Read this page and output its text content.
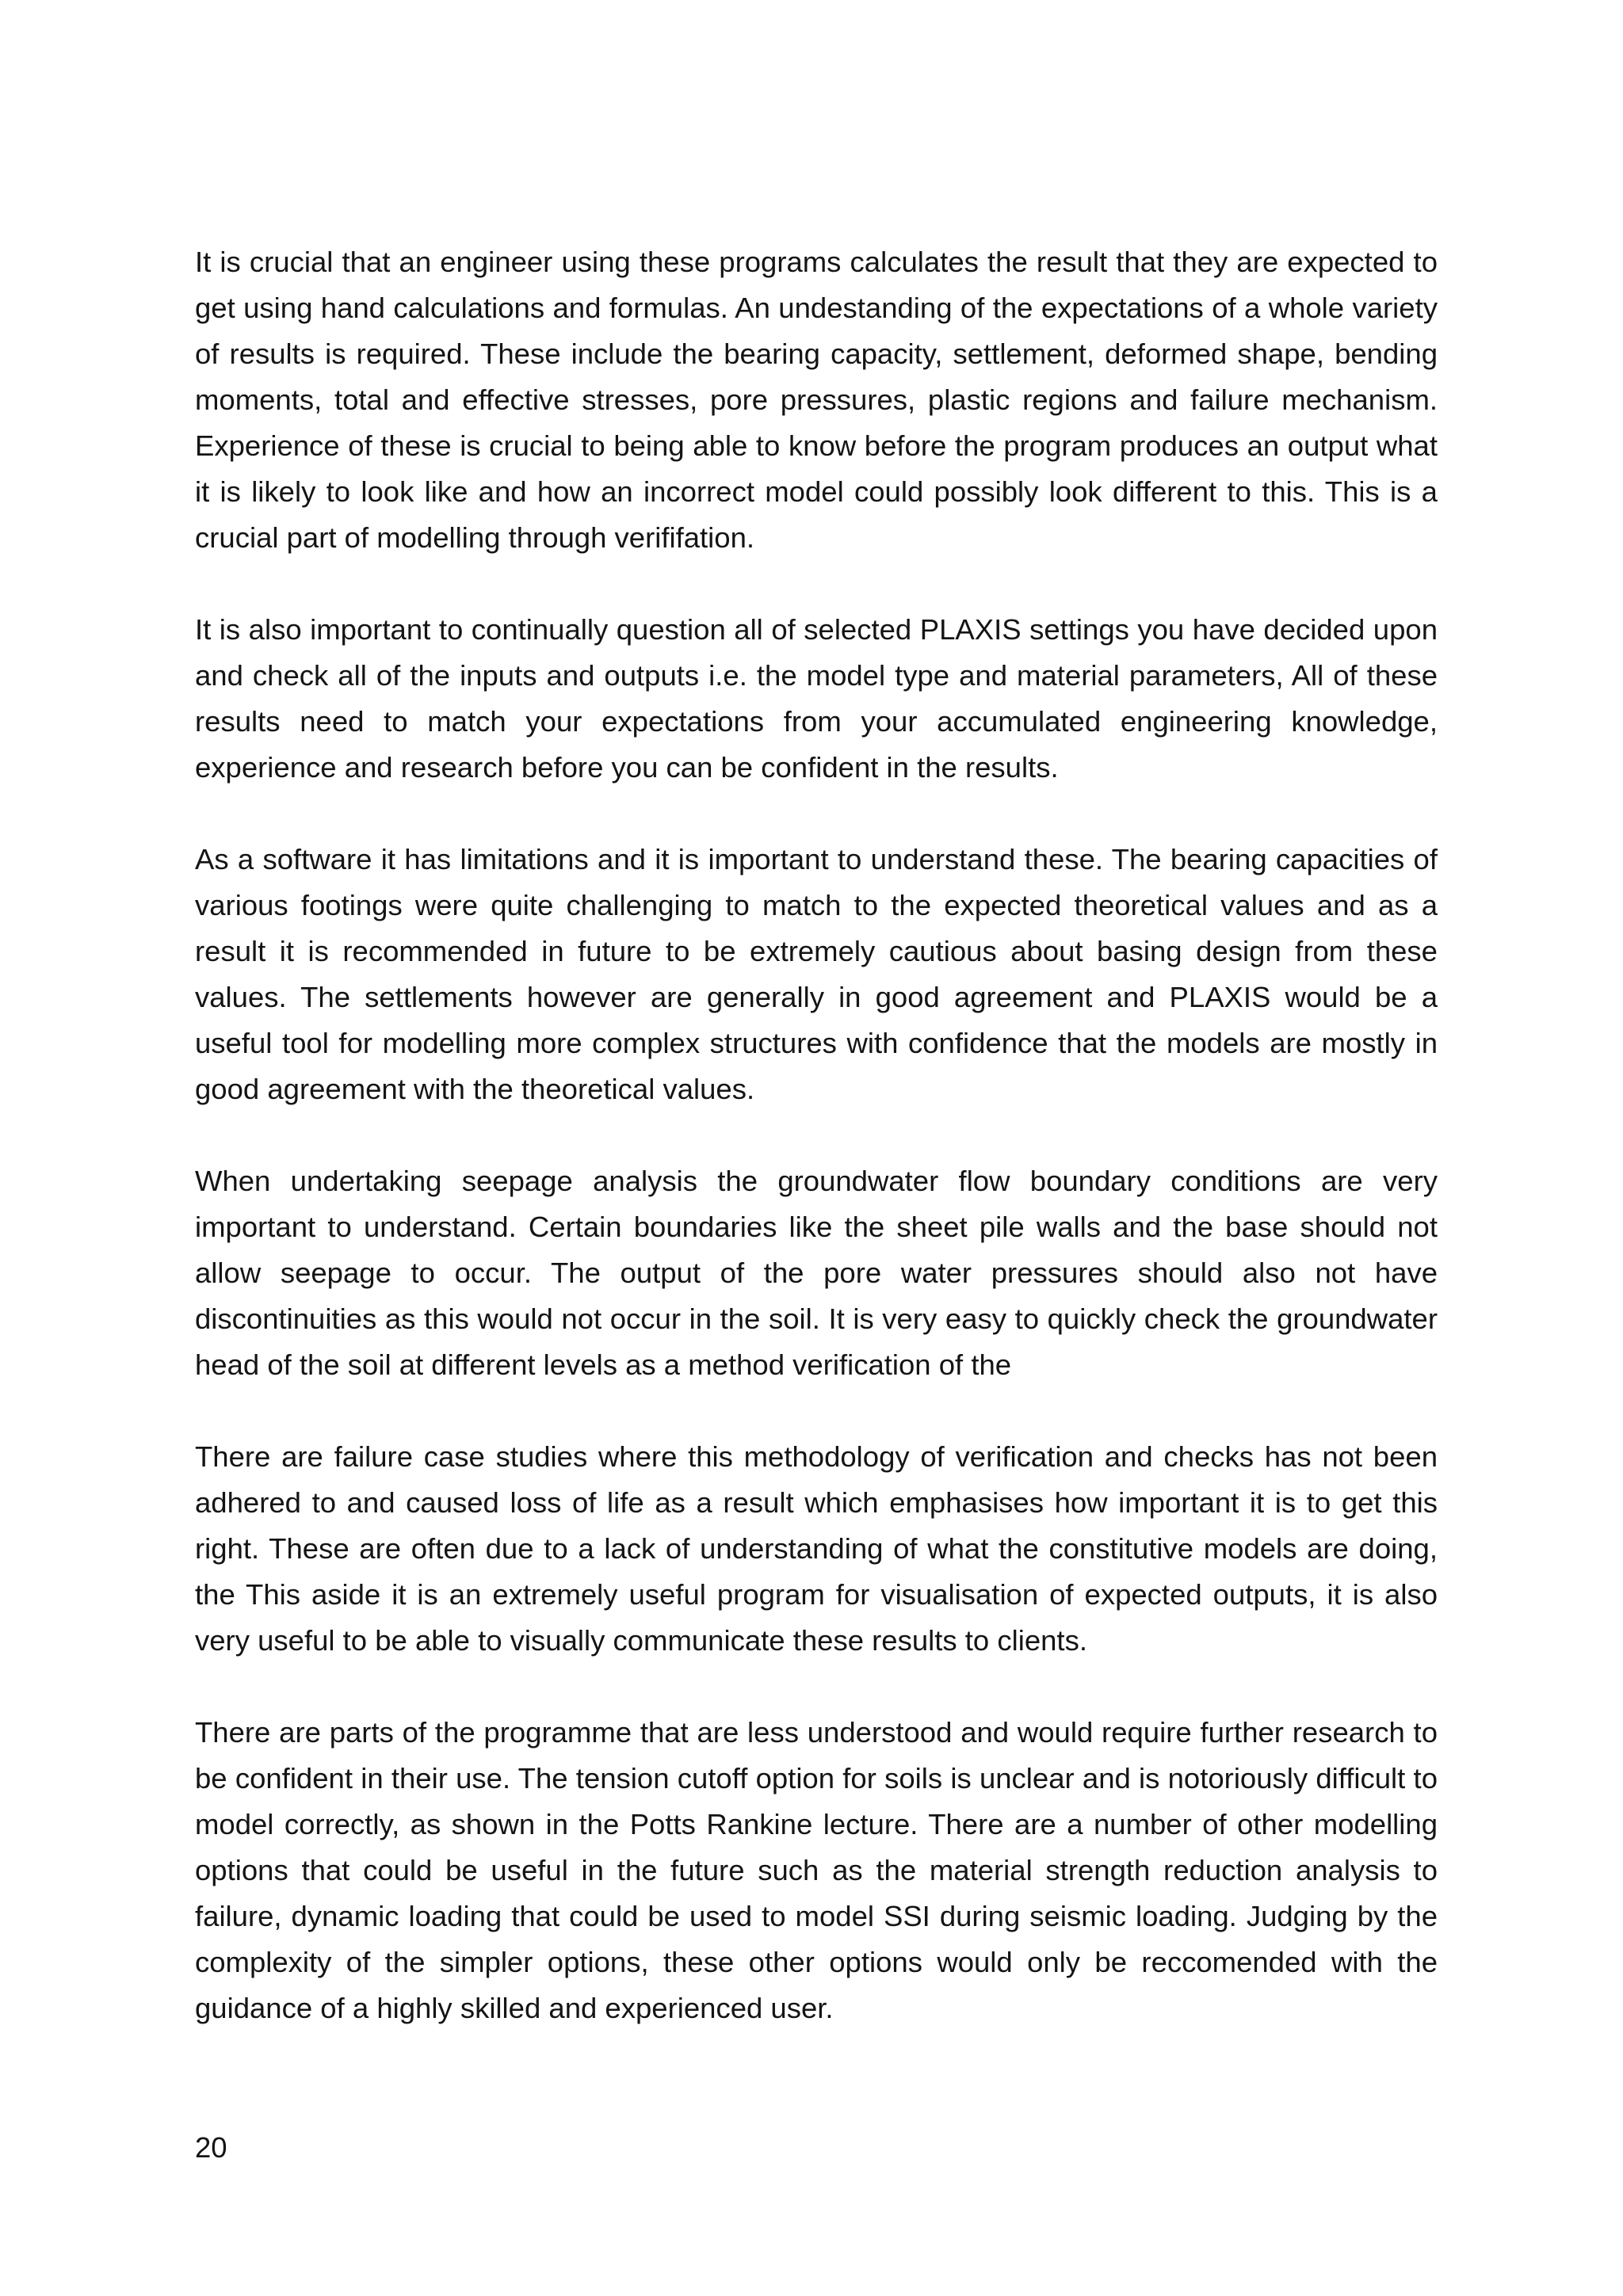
It is crucial that an engineer using these programs calculates the result that they are expected to get using hand calculations and formulas. An undestanding of the expectations of a whole variety of results is required. These include the bearing capacity, settlement, deformed shape, bending moments, total and effective stresses, pore pressures, plastic regions and failure mechanism. Experience of these is crucial to being able to know before the program produces an output what it is likely to look like and how an incorrect model could possibly look different to this. This is a crucial part of modelling through verififation.

It is also important to continually question all of selected PLAXIS settings you have decided upon and check all of the inputs and outputs i.e. the model type and material parameters, All of these results need to match your expectations from your accumulated engineering knowledge, experience and research before you can be confident in the results.

As a software it has limitations and it is important to understand these. The bearing capacities of various footings were quite challenging to match to the expected theoretical values and as a result it is recommended in future to be extremely cautious about basing design from these values. The settlements however are generally in good agreement and PLAXIS would be a useful tool for modelling more complex structures with confidence that the models are mostly in good agreement with the theoretical values.

When undertaking seepage analysis the groundwater flow boundary conditions are very important to understand. Certain boundaries like the sheet pile walls and the base should not allow seepage to occur. The output of the pore water pressures should also not have discontinuities as this would not occur in the soil. It is very easy to quickly check the groundwater head of the soil at different levels as a method verification of the

There are failure case studies where this methodology of verification and checks has not been adhered to and caused loss of life as a result which emphasises how important it is to get this right. These are often due to a lack of understanding of what the constitutive models are doing, the This aside it is an extremely useful program for visualisation of expected outputs, it is also very useful to be able to visually communicate these results to clients.

There are parts of the programme that are less understood and would require further research to be confident in their use. The tension cutoff option for soils is unclear and is notoriously difficult to model correctly, as shown in the Potts Rankine lecture. There are a number of other modelling options that could be useful in the future such as the material strength reduction analysis to failure, dynamic loading that could be used to model SSI during seismic loading. Judging by the complexity of the simpler options, these other options would only be reccomended with the guidance of a highly skilled and experienced user.

20
